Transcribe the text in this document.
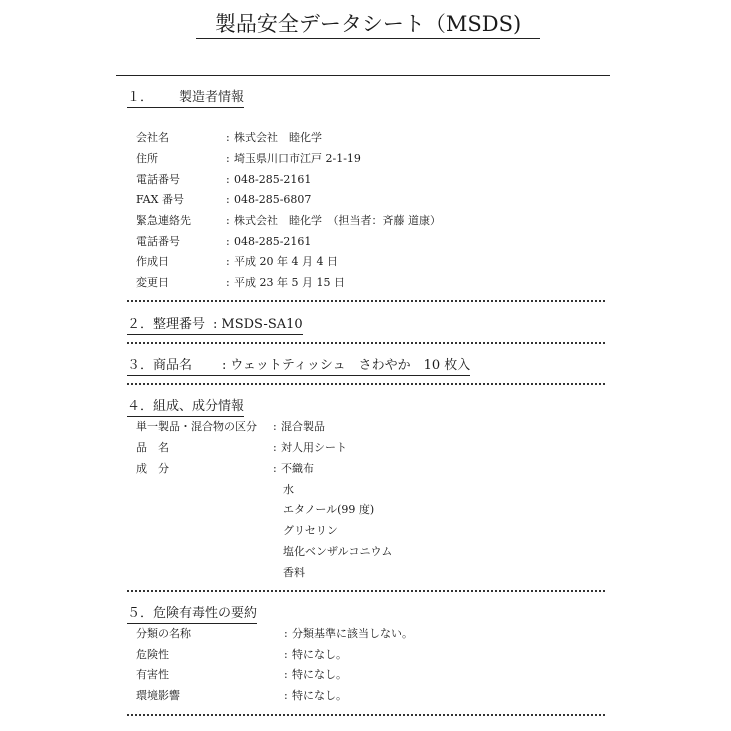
製品安全データシート（MSDS)
１． 製造者情報
会社名	: 株式会社　睦化学
住所	: 埼玉県川口市江戸 2-1-19
電話番号	: 048-285-2161
FAX 番号	: 048-285-6807
緊急連絡先	: 株式会社　睦化学　（担当者：斉藤 道康）
電話番号	: 048-285-2161
作成日	: 平成 20 年 4 月 4 日
変更日	: 平成 23 年 5 月 15 日
２．整理番号 : MSDS-SA10
３．商品名 : ウェットティッシュ　さわやか　10 枚入
４．組成、成分情報
単一製品・混合物の区分 : 混合製品
品　名	: 対人用シート
成　分	: 不織布
水
エタノール(99 度)
グリセリン
塩化ベンザルコニウム
香料
５．危険有毒性の要約
分類の名称	: 分類基準に該当しない。
危険性	: 特になし。
有害性	: 特になし。
環境影響	: 特になし。
